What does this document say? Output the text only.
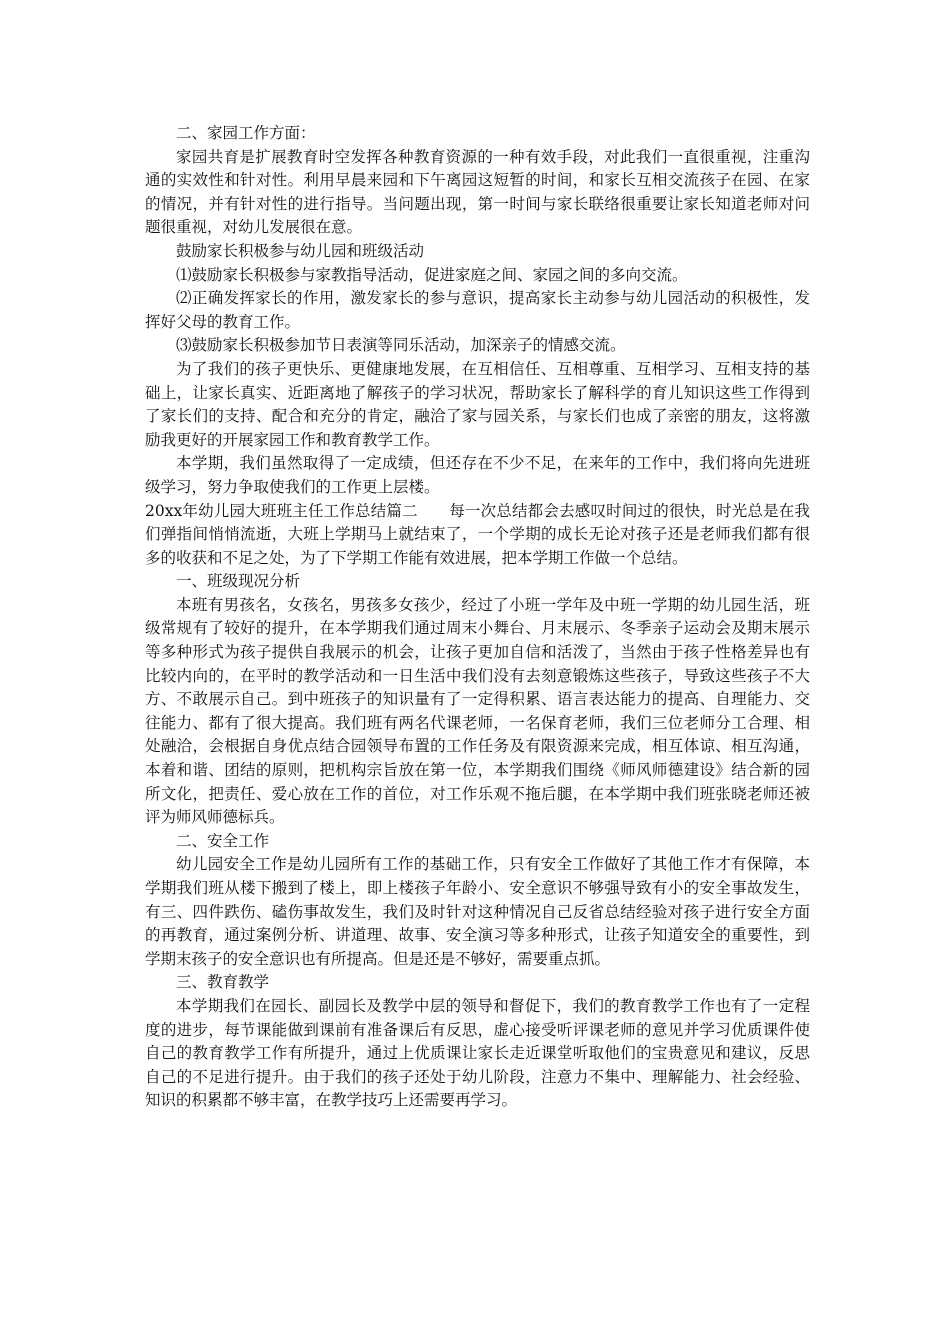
二、家园工作方面：

家园共育是扩展教育时空发挥各种教育资源的一种有效手段，对此我们一直很重视，注重沟通的实效性和针对性。利用早晨来园和下午离园这短暂的时间，和家长互相交流孩子在园、在家的情况，并有针对性的进行指导。当问题出现，第一时间与家长联络很重要让家长知道老师对问题很重视，对幼儿发展很在意。

鼓励家长积极参与幼儿园和班级活动

⑴鼓励家长积极参与家教指导活动，促进家庭之间、家园之间的多向交流。

⑵正确发挥家长的作用，激发家长的参与意识，提高家长主动参与幼儿园活动的积极性，发挥好父母的教育工作。

⑶鼓励家长积极参加节日表演等同乐活动，加深亲子的情感交流。

为了我们的孩子更快乐、更健康地发展，在互相信任、互相尊重、互相学习、互相支持的基础上，让家长真实、近距离地了解孩子的学习状况，帮助家长了解科学的育儿知识这些工作得到了家长们的支持、配合和充分的肯定，融洽了家与园关系，与家长们也成了亲密的朋友，这将激励我更好的开展家园工作和教育教学工作。

本学期，我们虽然取得了一定成绩，但还存在不少不足，在来年的工作中，我们将向先进班级学习，努力争取使我们的工作更上层楼。

20xx年幼儿园大班班主任工作总结篇二　　每一次总结都会去感叹时间过的很快，时光总是在我们弹指间悄悄流逝，大班上学期马上就结束了，一个学期的成长无论对孩子还是老师我们都有很多的收获和不足之处，为了下学期工作能有效进展，把本学期工作做一个总结。

一、班级现况分析

本班有男孩名，女孩名，男孩多女孩少，经过了小班一学年及中班一学期的幼儿园生活，班级常规有了较好的提升，在本学期我们通过周末小舞台、月末展示、冬季亲子运动会及期末展示等多种形式为孩子提供自我展示的机会，让孩子更加自信和活泼了，当然由于孩子性格差异也有比较内向的，在平时的教学活动和一日生活中我们没有去刻意锻炼这些孩子，导致这些孩子不大方、不敢展示自己。到中班孩子的知识量有了一定得积累、语言表达能力的提高、自理能力、交往能力、都有了很大提高。我们班有两名代课老师，一名保育老师，我们三位老师分工合理、相处融洽，会根据自身优点结合园领导布置的工作任务及有限资源来完成，相互体谅、相互沟通，本着和谐、团结的原则，把机构宗旨放在第一位，本学期我们围绕《师风师德建设》结合新的园所文化，把责任、爱心放在工作的首位，对工作乐观不拖后腿，在本学期中我们班张晓老师还被评为师风师德标兵。

二、安全工作

幼儿园安全工作是幼儿园所有工作的基础工作，只有安全工作做好了其他工作才有保障，本学期我们班从楼下搬到了楼上，即上楼孩子年龄小、安全意识不够强导致有小的安全事故发生，有三、四件跌伤、磕伤事故发生，我们及时针对这种情况自己反省总结经验对孩子进行安全方面的再教育，通过案例分析、讲道理、故事、安全演习等多种形式，让孩子知道安全的重要性，到学期末孩子的安全意识也有所提高。但是还是不够好，需要重点抓。

三、教育教学

本学期我们在园长、副园长及教学中层的领导和督促下，我们的教育教学工作也有了一定程度的进步，每节课能做到课前有准备课后有反思，虚心接受听评课老师的意见并学习优质课件使自己的教育教学工作有所提升，通过上优质课让家长走近课堂听取他们的宝贵意见和建议，反思自己的不足进行提升。由于我们的孩子还处于幼儿阶段，注意力不集中、理解能力、社会经验、知识的积累都不够丰富，在教学技巧上还需要再学习。
